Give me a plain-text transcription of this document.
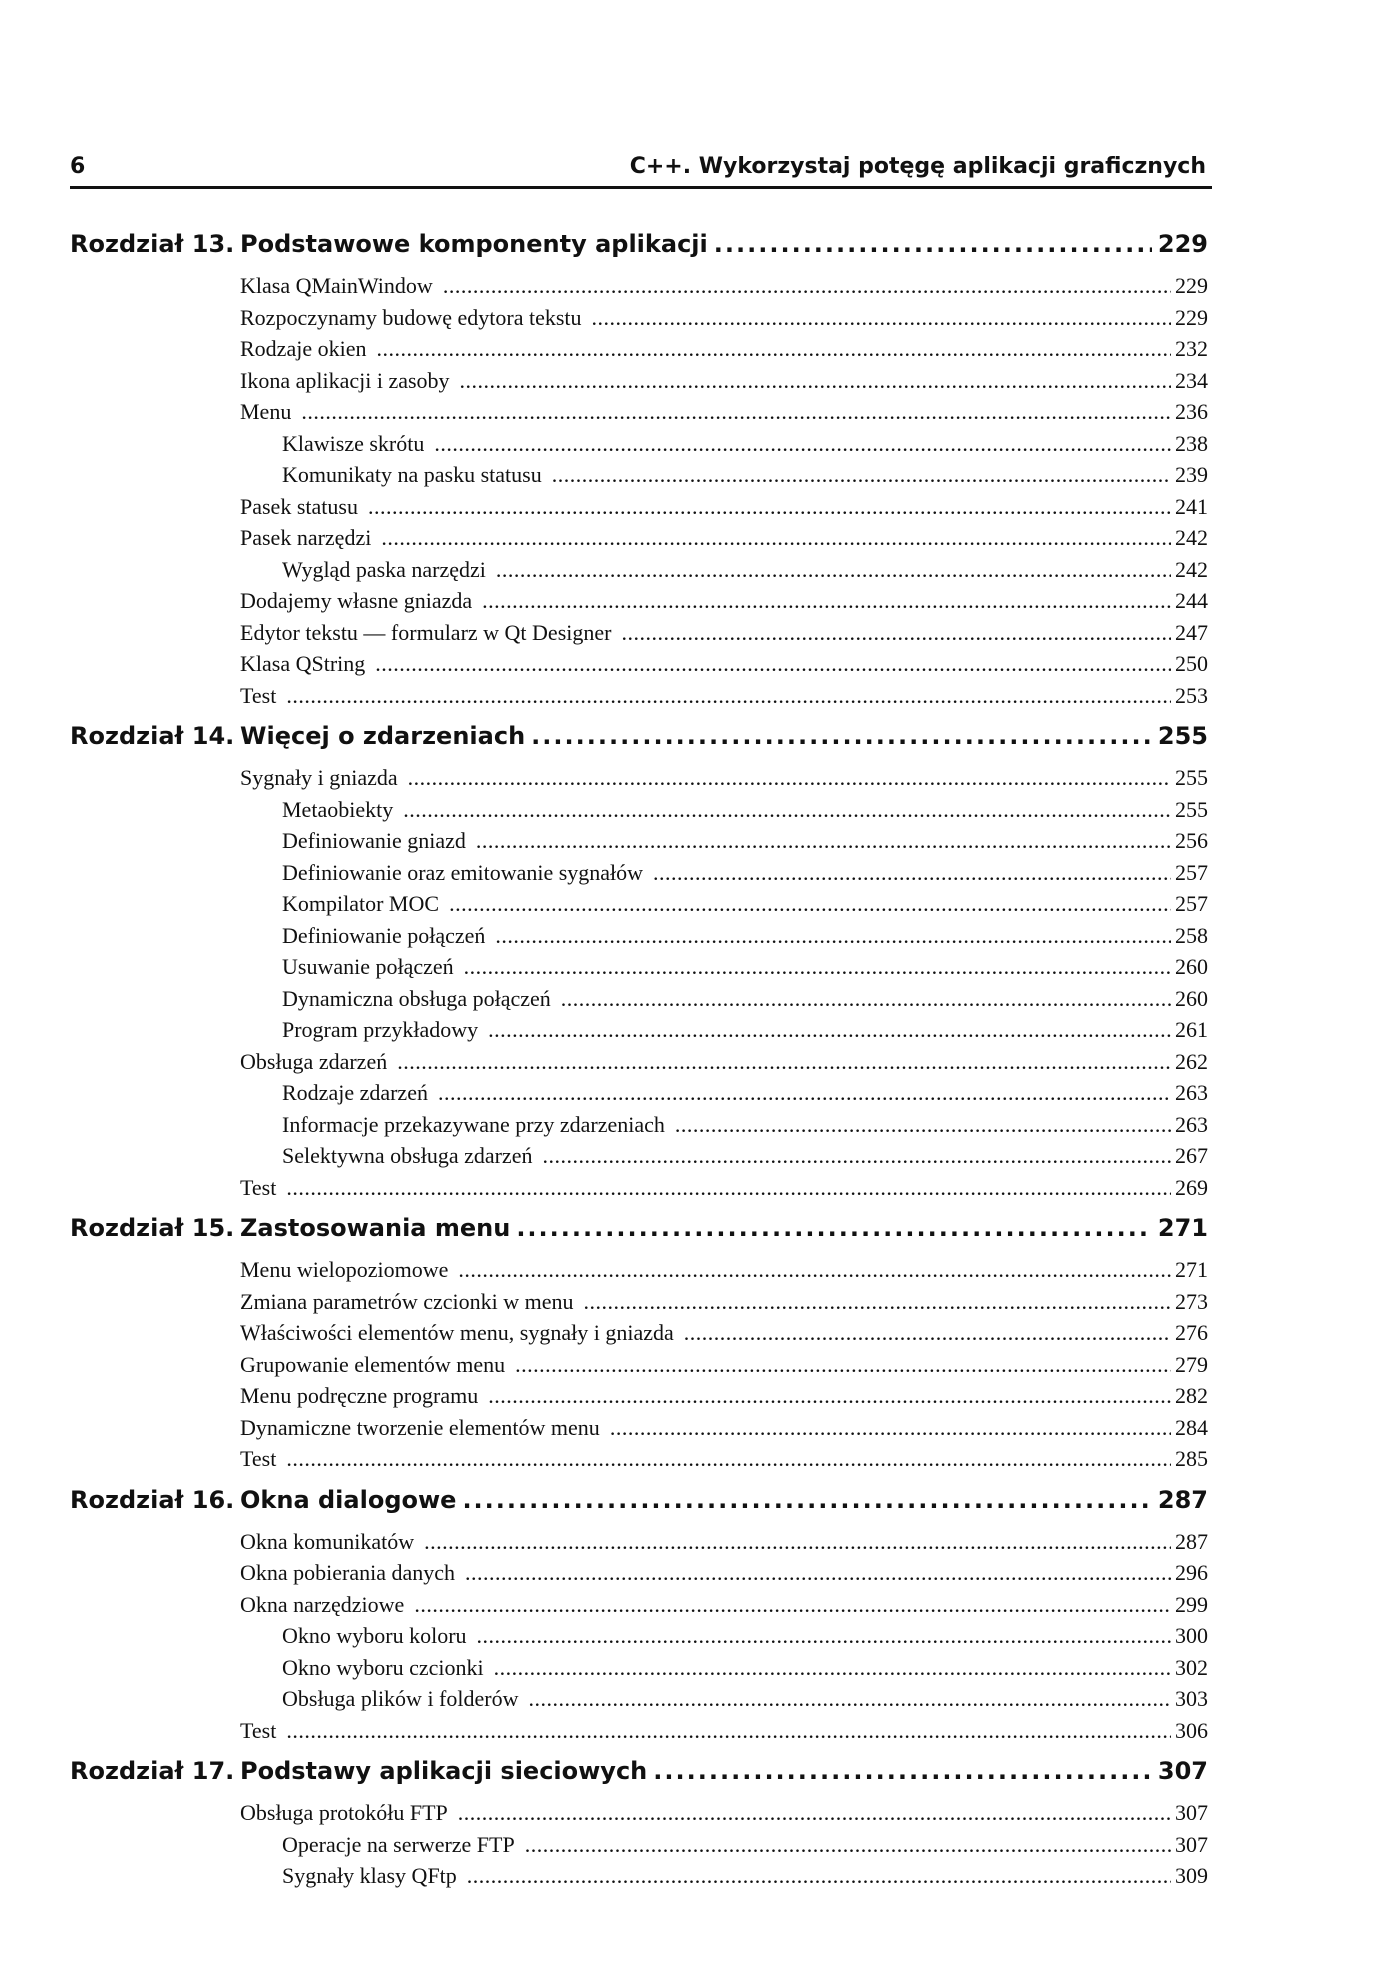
6	C++. Wykorzystaj potęgę aplikacji graficznych
Rozdział 13. Podstawowe komponenty aplikacji .....	229
Klasa QMainWindow .....	229
Rozpoczynamy budowę edytora tekstu .....	229
Rodzaje okien .....	232
Ikona aplikacji i zasoby .....	234
Menu .....	236
Klawisze skrótu .....	238
Komunikaty na pasku statusu .....	239
Pasek statusu .....	241
Pasek narzędzi .....	242
Wygląd paska narzędzi .....	242
Dodajemy własne gniazda .....	244
Edytor tekstu — formularz w Qt Designer .....	247
Klasa QString .....	250
Test .....	253
Rozdział 14. Więcej o zdarzeniach .....	255
Sygnały i gniazda .....	255
Metaobiekty .....	255
Definiowanie gniazd .....	256
Definiowanie oraz emitowanie sygnałów .....	257
Kompilator MOC .....	257
Definiowanie połączeń .....	258
Usuwanie połączeń .....	260
Dynamiczna obsługa połączeń .....	260
Program przykładowy .....	261
Obsługa zdarzeń .....	262
Rodzaje zdarzeń .....	263
Informacje przekazywane przy zdarzeniach .....	263
Selektywna obsługa zdarzeń .....	267
Test .....	269
Rozdział 15. Zastosowania menu .....	271
Menu wielopoziomowe .....	271
Zmiana parametrów czcionki w menu .....	273
Właściwości elementów menu, sygnały i gniazda .....	276
Grupowanie elementów menu .....	279
Menu podręczne programu .....	282
Dynamiczne tworzenie elementów menu .....	284
Test .....	285
Rozdział 16. Okna dialogowe .....	287
Okna komunikatów .....	287
Okna pobierania danych .....	296
Okna narzędziowe .....	299
Okno wyboru koloru .....	300
Okno wyboru czcionki .....	302
Obsługa plików i folderów .....	303
Test .....	306
Rozdział 17. Podstawy aplikacji sieciowych .....	307
Obsługa protokółu FTP .....	307
Operacje na serwerze FTP .....	307
Sygnały klasy QFtp .....	309
